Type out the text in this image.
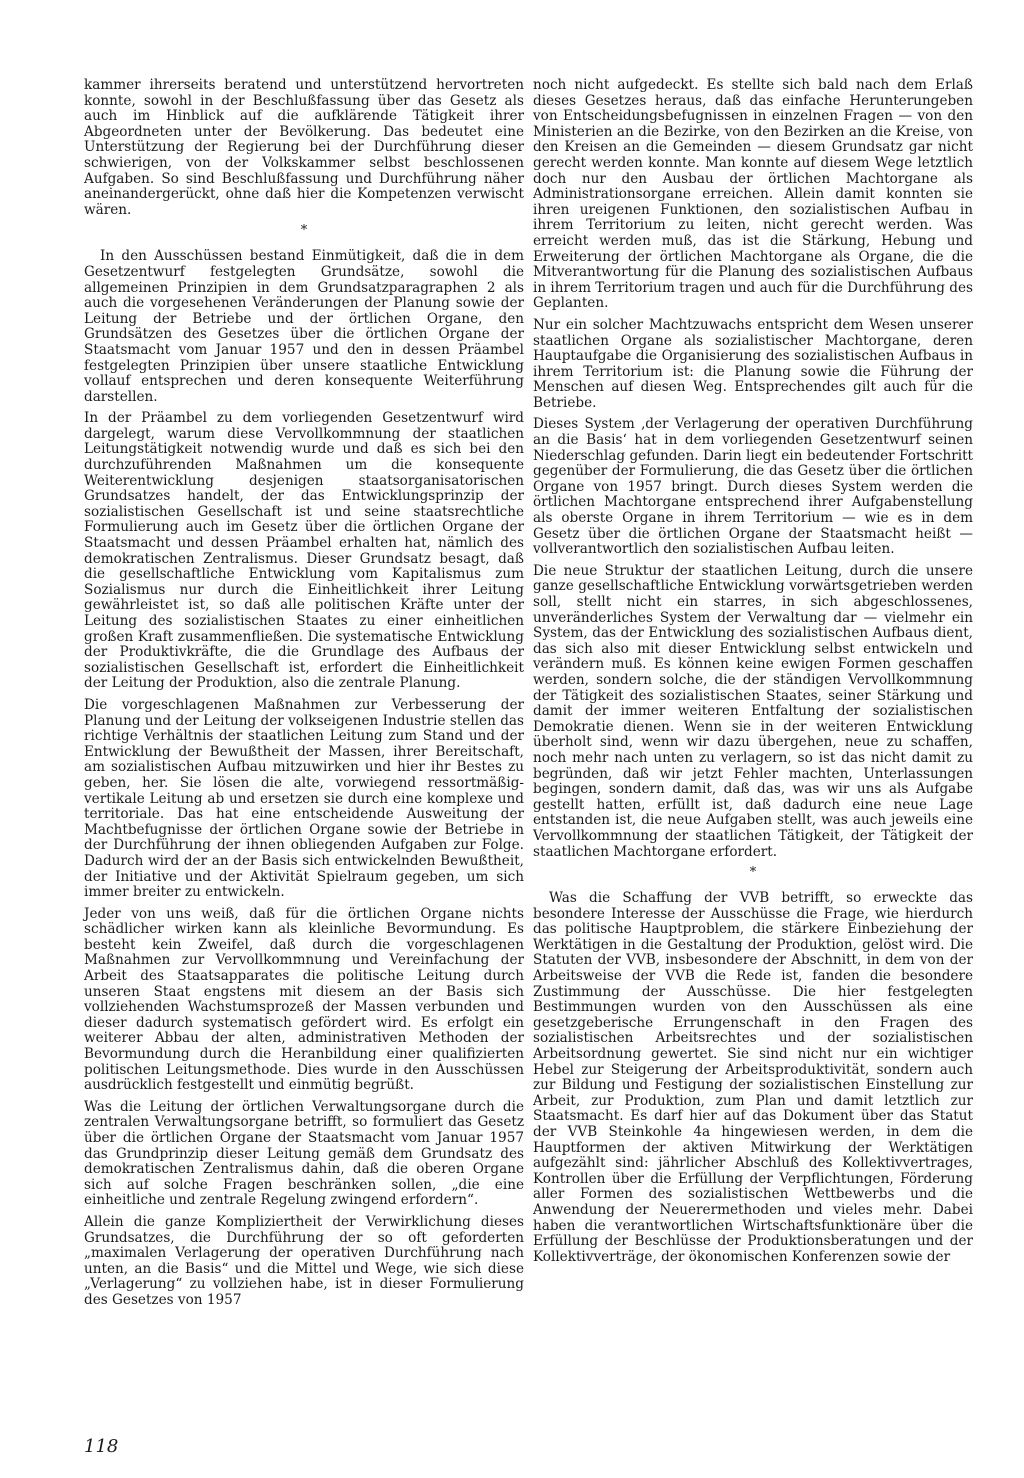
kammer ihrerseits beratend und unterstützend hervortreten konnte, sowohl in der Beschlußfassung über das Gesetz als auch im Hinblick auf die aufklärende Tätigkeit ihrer Abgeordneten unter der Bevölkerung. Das bedeutet eine Unterstützung der Regierung bei der Durchführung dieser schwierigen, von der Volkskammer selbst beschlossenen Aufgaben. So sind Beschlußfassung und Durchführung näher aneinandergerückt, ohne daß hier die Kompetenzen verwischt wären.

*

In den Ausschüssen bestand Einmütigkeit, daß die in dem Gesetzentwurf festgelegten Grundsätze, sowohl die allgemeinen Prinzipien in dem Grundsatzparagraphen 2 als auch die vorgesehenen Veränderungen der Planung sowie der Leitung der Betriebe und der örtlichen Organe, den Grundsätzen des Gesetzes über die örtlichen Organe der Staatsmacht vom Januar 1957 und den in dessen Präambel festgelegten Prinzipien über unsere staatliche Entwicklung vollauf entsprechen und deren konsequente Weiterführung darstellen.

In der Präambel zu dem vorliegenden Gesetzentwurf wird dargelegt, warum diese Vervollkommnung der staatlichen Leitungstätigkeit notwendig wurde und daß es sich bei den durchzuführenden Maßnahmen um die konsequente Weiterentwicklung desjenigen staatsorganisatorischen Grundsatzes handelt, der das Entwicklungsprinzip der sozialistischen Gesellschaft ist und seine staatsrechtliche Formulierung auch im Gesetz über die örtlichen Organe der Staatsmacht und dessen Präambel erhalten hat, nämlich des demokratischen Zentralismus. Dieser Grundsatz besagt, daß die gesellschaftliche Entwicklung vom Kapitalismus zum Sozialismus nur durch die Einheitlichkeit ihrer Leitung gewährleistet ist, so daß alle politischen Kräfte unter der Leitung des sozialistischen Staates zu einer einheitlichen großen Kraft zusammenfließen. Die systematische Entwicklung der Produktivkräfte, die die Grundlage des Aufbaus der sozialistischen Gesellschaft ist, erfordert die Einheitlichkeit der Leitung der Produktion, also die zentrale Planung.

Die vorgeschlagenen Maßnahmen zur Verbesserung der Planung und der Leitung der volkseigenen Industrie stellen das richtige Verhältnis der staatlichen Leitung zum Stand und der Entwicklung der Bewußtheit der Massen, ihrer Bereitschaft, am sozialistischen Aufbau mitzuwirken und hier ihr Bestes zu geben, her. Sie lösen die alte, vorwiegend ressortmäßig-vertikale Leitung ab und ersetzen sie durch eine komplexe und territoriale. Das hat eine entscheidende Ausweitung der Machtbefugnisse der örtlichen Organe sowie der Betriebe in der Durchführung der ihnen obliegenden Aufgaben zur Folge. Dadurch wird der an der Basis sich entwickelnden Bewußtheit, der Initiative und der Aktivität Spielraum gegeben, um sich immer breiter zu entwickeln.

Jeder von uns weiß, daß für die örtlichen Organe nichts schädlicher wirken kann als kleinliche Bevormundung. Es besteht kein Zweifel, daß durch die vorgeschlagenen Maßnahmen zur Vervollkommnung und Vereinfachung der Arbeit des Staatsapparates die politische Leitung durch unseren Staat engstens mit diesem an der Basis sich vollziehenden Wachstumsprozeß der Massen verbunden und dieser dadurch systematisch gefördert wird. Es erfolgt ein weiterer Abbau der alten, administrativen Methoden der Bevormundung durch die Heranbildung einer qualifizierten politischen Leitungsmethode. Dies wurde in den Ausschüssen ausdrücklich festgestellt und einmütig begrüßt.

Was die Leitung der örtlichen Verwaltungsorgane durch die zentralen Verwaltungsorgane betrifft, so formuliert das Gesetz über die örtlichen Organe der Staatsmacht vom Januar 1957 das Grundprinzip dieser Leitung gemäß dem Grundsatz des demokratischen Zentralismus dahin, daß die oberen Organe sich auf solche Fragen beschränken sollen, „die eine einheitliche und zentrale Regelung zwingend erfordern“.

Allein die ganze Kompliziertheit der Verwirklichung dieses Grundsatzes, die Durchführung der so oft geforderten „maximalen Verlagerung der operativen Durchführung nach unten, an die Basis“ und die Mittel und Wege, wie sich diese „Verlagerung“ zu vollziehen habe, ist in dieser Formulierung des Gesetzes von 1957

noch nicht aufgedeckt. Es stellte sich bald nach dem Erlaß dieses Gesetzes heraus, daß das einfache Herunterungeben von Entscheidungsbefugnissen in einzelnen Fragen — von den Ministerien an die Bezirke, von den Bezirken an die Kreise, von den Kreisen an die Gemeinden — diesem Grundsatz gar nicht gerecht werden konnte. Man konnte auf diesem Wege letztlich doch nur den Ausbau der örtlichen Machtorgane als Administrationsorgane erreichen. Allein damit konnten sie ihren ureigenen Funktionen, den sozialistischen Aufbau in ihrem Territorium zu leiten, nicht gerecht werden. Was erreicht werden muß, das ist die Stärkung, Hebung und Erweiterung der örtlichen Machtorgane als Organe, die die Mitverantwortung für die Planung des sozialistischen Aufbaus in ihrem Territorium tragen und auch für die Durchführung des Geplanten.

Nur ein solcher Machtzuwachs entspricht dem Wesen unserer staatlichen Organe als sozialistischer Machtorgane, deren Hauptaufgabe die Organisierung des sozialistischen Aufbaus in ihrem Territorium ist: die Planung sowie die Führung der Menschen auf diesen Weg. Entsprechendes gilt auch für die Betriebe.

Dieses System ‚der Verlagerung der operativen Durchführung an die Basis‘ hat in dem vorliegenden Gesetzentwurf seinen Niederschlag gefunden. Darin liegt ein bedeutender Fortschritt gegenüber der Formulierung, die das Gesetz über die örtlichen Organe von 1957 bringt. Durch dieses System werden die örtlichen Machtorgane entsprechend ihrer Aufgabenstellung als oberste Organe in ihrem Territorium — wie es in dem Gesetz über die örtlichen Organe der Staatsmacht heißt — vollverantwortlich den sozialistischen Aufbau leiten.

Die neue Struktur der staatlichen Leitung, durch die unsere ganze gesellschaftliche Entwicklung vorwärtsgetrieben werden soll, stellt nicht ein starres, in sich abgeschlossenes, unveränderliches System der Verwaltung dar — vielmehr ein System, das der Entwicklung des sozialistischen Aufbaus dient, das sich also mit dieser Entwicklung selbst entwickeln und verändern muß. Es können keine ewigen Formen geschaffen werden, sondern solche, die der ständigen Vervollkommnung der Tätigkeit des sozialistischen Staates, seiner Stärkung und damit der immer weiteren Entfaltung der sozialistischen Demokratie dienen. Wenn sie in der weiteren Entwicklung überholt sind, wenn wir dazu übergehen, neue zu schaffen, noch mehr nach unten zu verlagern, so ist das nicht damit zu begründen, daß wir jetzt Fehler machten, Unterlassungen begingen, sondern damit, daß das, was wir uns als Aufgabe gestellt hatten, erfüllt ist, daß dadurch eine neue Lage entstanden ist, die neue Aufgaben stellt, was auch jeweils eine Vervollkommnung der staatlichen Tätigkeit, der Tätigkeit der staatlichen Machtorgane erfordert.

*

Was die Schaffung der VVB betrifft, so erweckte das besondere Interesse der Ausschüsse die Frage, wie hierdurch das politische Hauptproblem, die stärkere Einbeziehung der Werktätigen in die Gestaltung der Produktion, gelöst wird. Die Statuten der VVB, insbesondere der Abschnitt, in dem von der Arbeitsweise der VVB die Rede ist, fanden die besondere Zustimmung der Ausschüsse. Die hier festgelegten Bestimmungen wurden von den Ausschüssen als eine gesetzgeberische Errungenschaft in den Fragen des sozialistischen Arbeitsrechtes und der sozialistischen Arbeitsordnung gewertet. Sie sind nicht nur ein wichtiger Hebel zur Steigerung der Arbeitsproduktivität, sondern auch zur Bildung und Festigung der sozialistischen Einstellung zur Arbeit, zur Produktion, zum Plan und damit letztlich zur Staatsmacht. Es darf hier auf das Dokument über das Statut der VVB Steinkohle 4a hingewiesen werden, in dem die Hauptformen der aktiven Mitwirkung der Werktätigen aufgezählt sind: jährlicher Abschluß des Kollektivvertrages, Kontrollen über die Erfüllung der Verpflichtungen, Förderung aller Formen des sozialistischen Wettbewerbs und die Anwendung der Neuerermethoden und vieles mehr. Dabei haben die verantwortlichen Wirtschaftsfunktionäre über die Erfüllung der Beschlüsse der Produktionsberatungen und der Kollektivverträge, der ökonomischen Konferenzen sowie der

118
